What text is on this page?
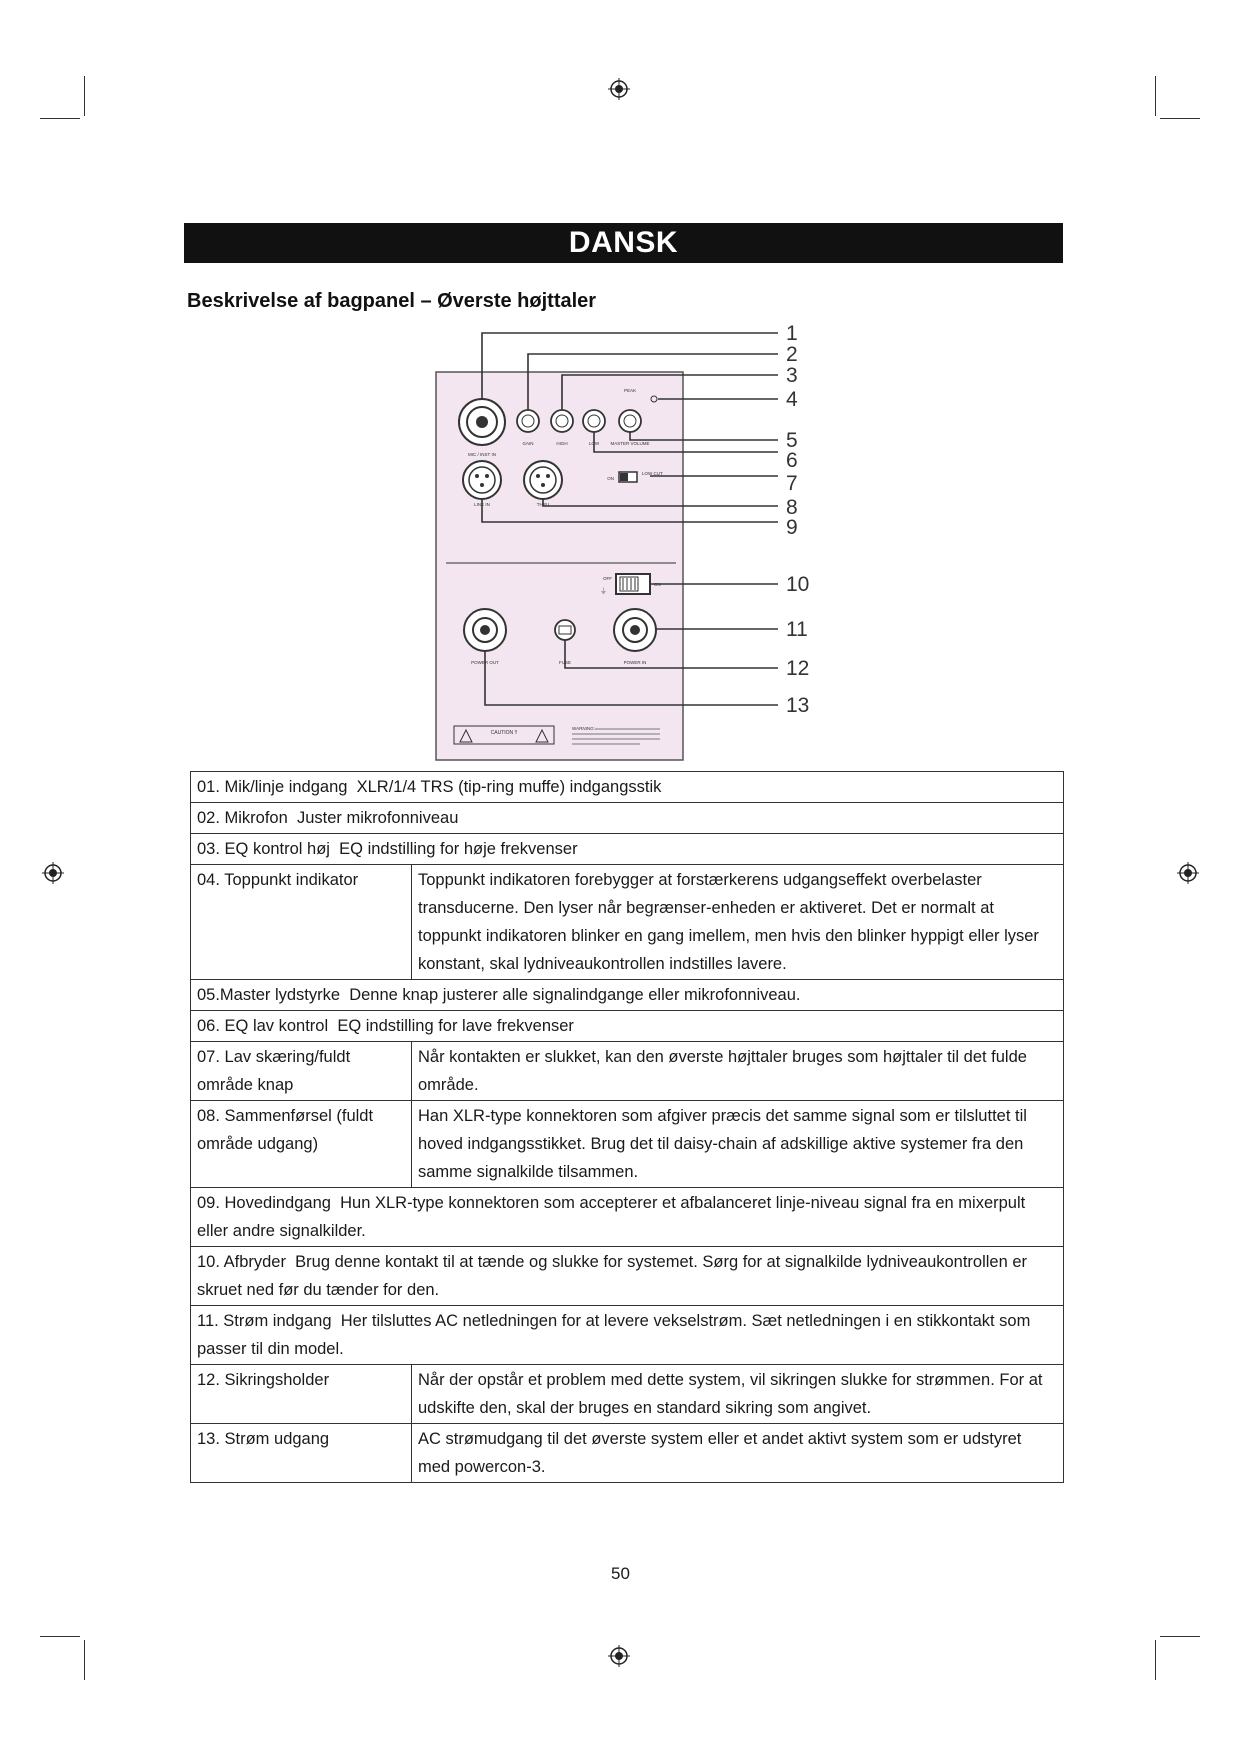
DANSK
Beskrivelse af bagpanel – Øverste højttaler
MIC / INST IN
PEAK
GAIN	HIGH	LOW	MASTER VOLUME
LINE IN	THRU
ON
LOW CUT
OFF
ON
⏚
POWER OUT	FUSE	POWER IN
CAUTION !!
WARNING:
1
2
3
4
5
6
7
8
9
10
11
12
13
01. Mik/linje indgang XLR/1/4 TRS (tip-ring muffe) indgangsstik	
02. Mikrofon Juster mikrofonniveau	
03. EQ kontrol høj EQ indstilling for høje frekvenser	
04. Toppunkt indikator	Toppunkt indikatoren forebygger at forstærkerens udgangseffekt overbelaster transducerne. Den lyser når begrænser-enheden er aktiveret. Det er normalt at toppunkt indikatoren blinker en gang imellem, men hvis den blinker hyppigt eller lyser konstant, skal lydniveaukontrollen indstilles lavere.
05.Master lydstyrke Denne knap justerer alle signalindgange eller mikrofonniveau.	
06. EQ lav kontrol EQ indstilling for lave frekvenser	
07. Lav skæring/fuldt område knap	Når kontakten er slukket, kan den øverste højttaler bruges som højttaler til det fulde område.
08. Sammenførsel (fuldt område udgang)	Han XLR-type konnektoren som afgiver præcis det samme signal som er tilsluttet til hoved indgangsstikket. Brug det til daisy-chain af adskillige aktive systemer fra den samme signalkilde tilsammen.
09. Hovedindgang Hun XLR-type konnektoren som accepterer et afbalanceret linje-niveau signal fra en mixerpult eller andre signalkilder.	
10. Afbryder Brug denne kontakt til at tænde og slukke for systemet. Sørg for at signalkilde lydniveaukontrollen er skruet ned før du tænder for den.	
11. Strøm indgang Her tilsluttes AC netledningen for at levere vekselstrøm. Sæt netledningen i en stikkontakt som passer til din model.	
12. Sikringsholder	Når der opstår et problem med dette system, vil sikringen slukke for strømmen. For at udskifte den, skal der bruges en standard sikring som angivet.
13. Strøm udgang	AC strømudgang til det øverste system eller et andet aktivt system som er udstyret med powercon-3.
50
